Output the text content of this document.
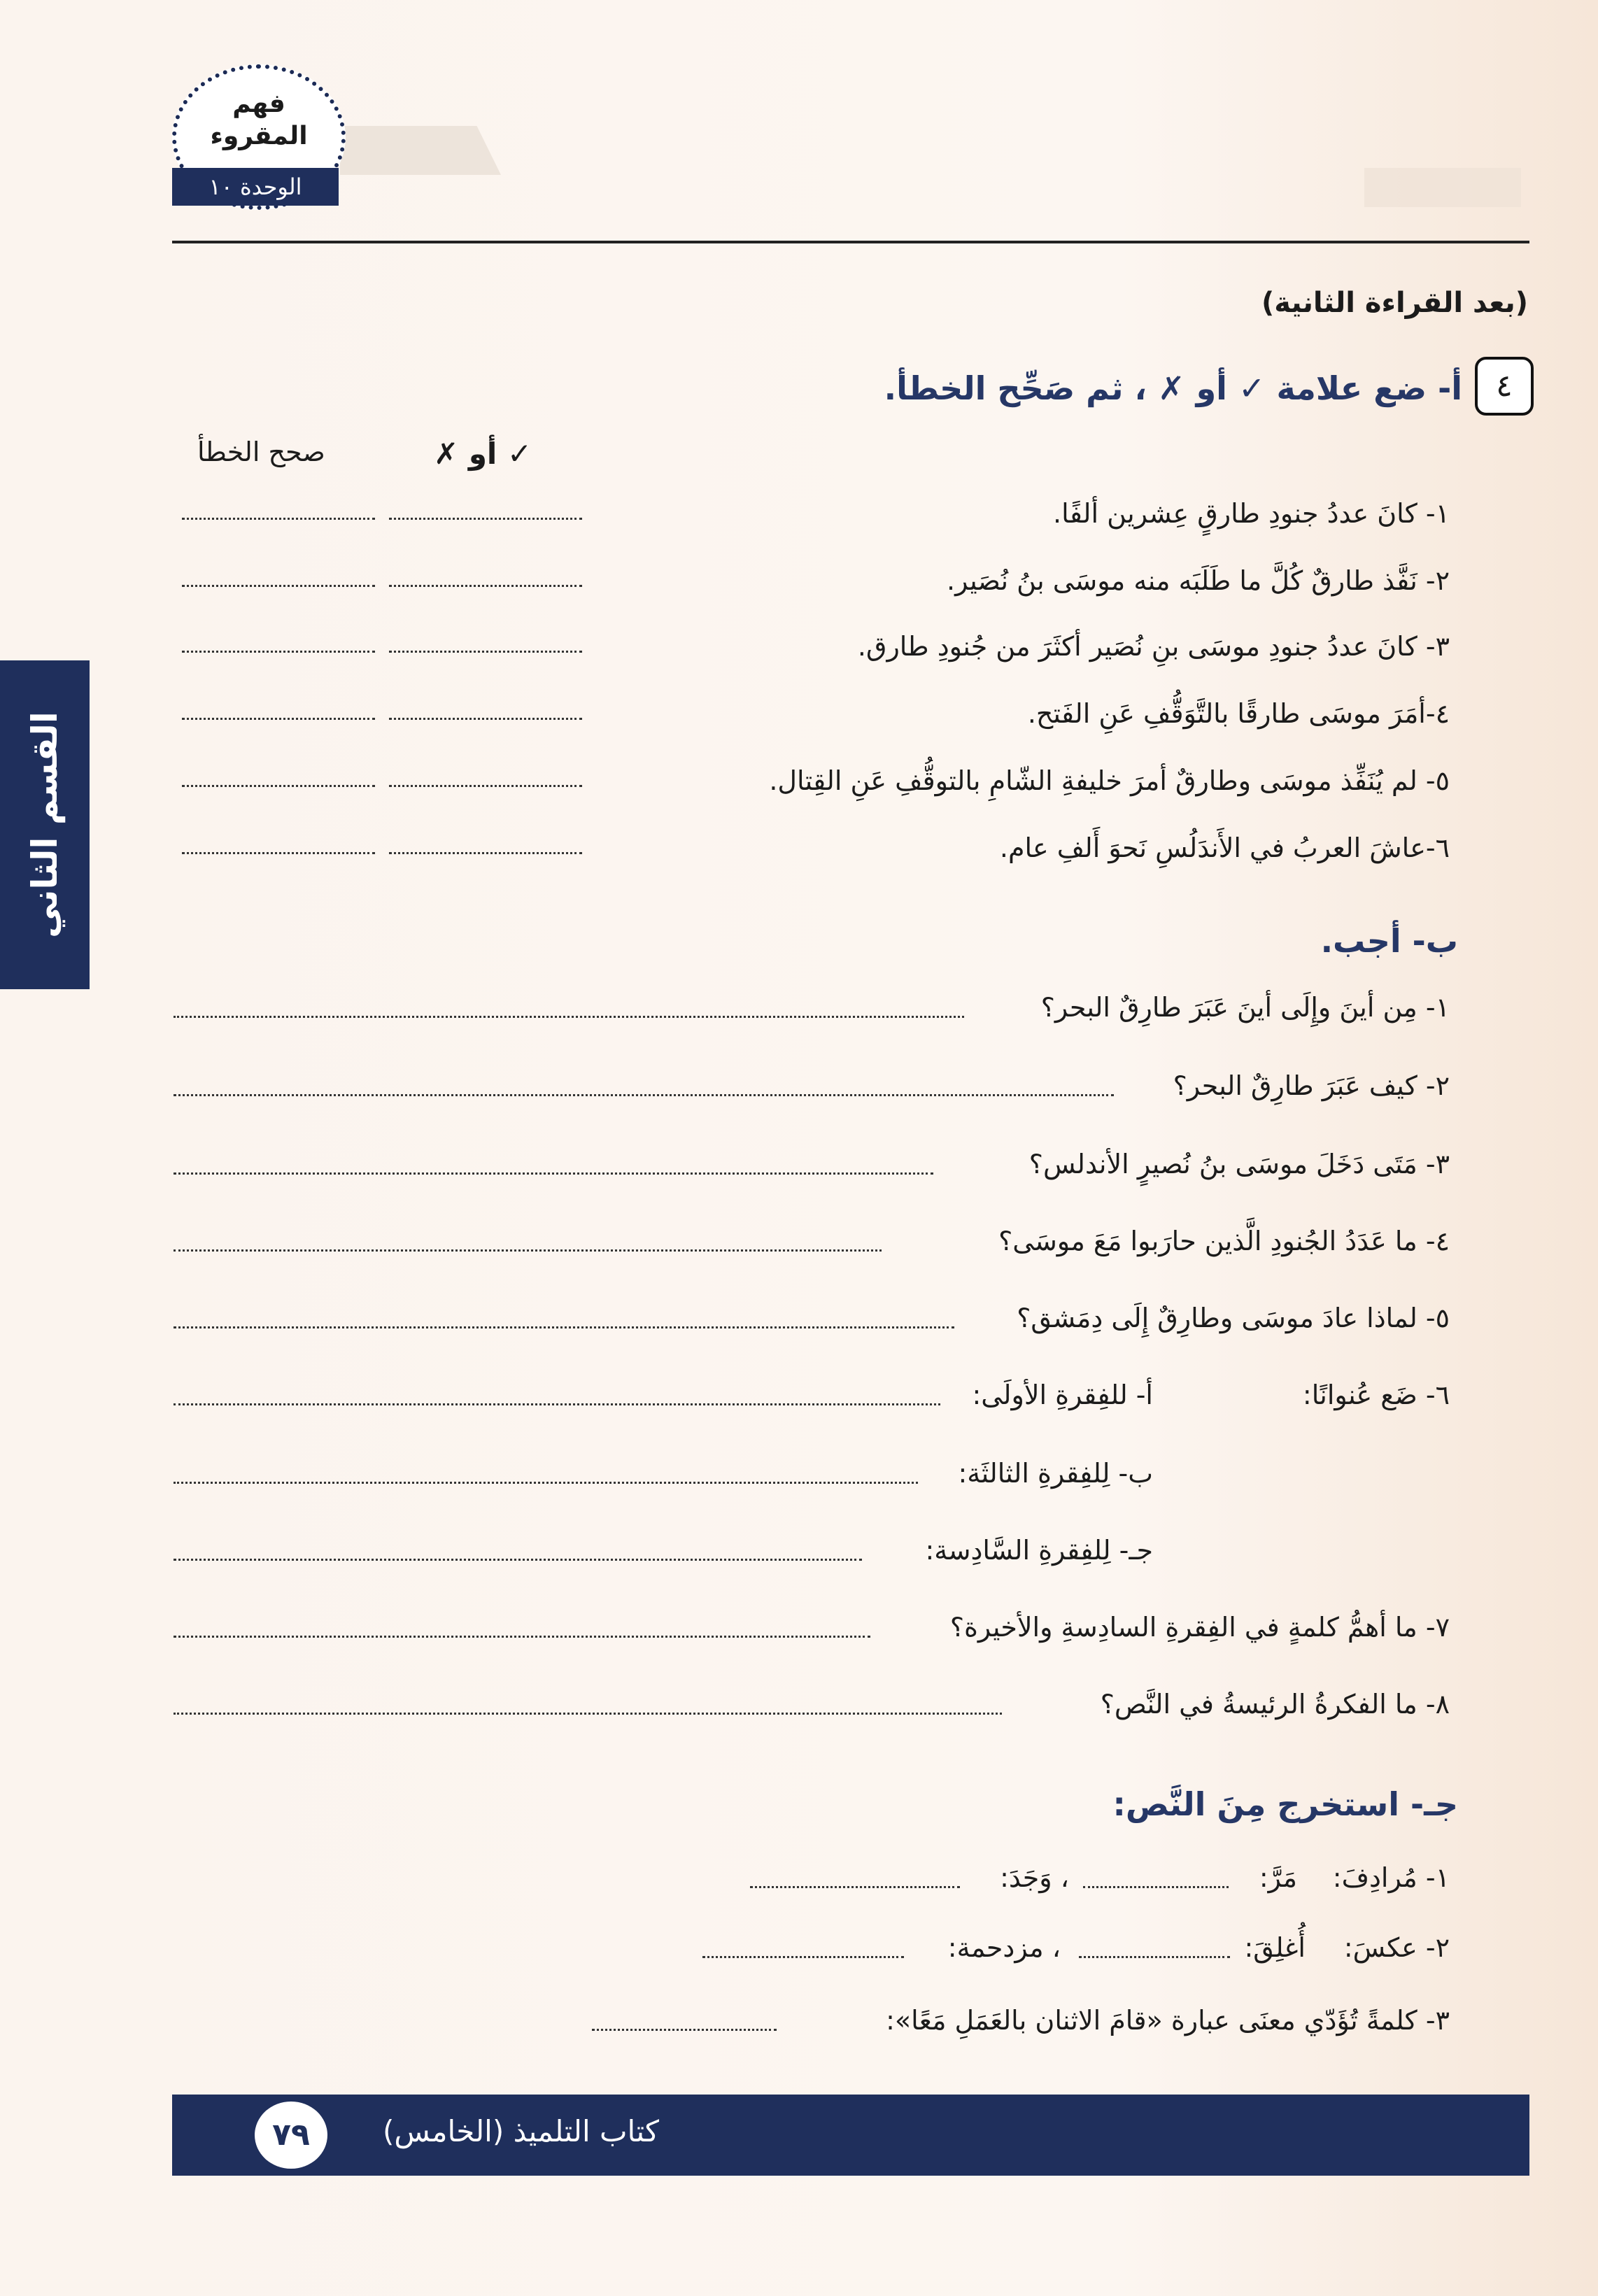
فهم
المقروء
الوحدة ١٠
القسم الثاني
(بعد القراءة الثانية)
٤
أ- ضع علامة ✓ أو ✗ ، ثم صَحِّح الخطأ.
✓ أو ✗
صحح الخطأ
١- كانَ عددُ جنودِ طارقٍ عِشرين ألفًا.
٢- نَفَّذ طارقٌ كُلَّ ما طَلَبَه منه موسَى بنُ نُصَير.
٣- كانَ عددُ جنودِ موسَى بنِ نُصَير أكثَرَ من جُنودِ طارق.
٤-أمَرَ موسَى طارقًا بالتَّوَقُّفِ عَنِ الفَتح.
٥- لم يُنَفِّذ موسَى وطارقٌ أمرَ خليفةِ الشّامِ بالتوقُّفِ عَنِ القِتال.
٦-عاشَ العربُ في الأَندَلُسِ نَحوَ أَلفِ عام.
ب- أجب.
١- مِن أينَ وإِلَى أينَ عَبَرَ طارِقٌ البحر؟
٢- كيف عَبَرَ طارِقٌ البحر؟
٣- مَتَى دَخَلَ موسَى بنُ نُصيرٍ الأندلس؟
٤- ما عَدَدُ الجُنودِ الَّذين حارَبوا مَعَ موسَى؟
٥- لماذا عادَ موسَى وطارِقٌ إِلَى دِمَشق؟
٦- ضَع عُنوانًا:
أ- للفِقرةِ الأولَى:
ب- لِلفِقرةِ الثالثَة:
جـ- لِلفِقرةِ السَّادِسة:
٧- ما أهمُّ كلمةٍ في الفِقرةِ السادِسةِ والأخيرة؟
٨- ما الفكرةُ الرئيسةُ في النَّص؟
جـ- استخرج مِنَ النَّص:
١- مُرادِفَ:
مَرَّ:
، وَجَدَ:
٢- عكسَ:
أُغلِقَ:
، مزدحمة:
٣- كلمةً تُؤَدّي معنَى عبارة «قامَ الاثنان بالعَمَلِ مَعًا»:
كتاب التلميذ (الخامس)
٧٩
